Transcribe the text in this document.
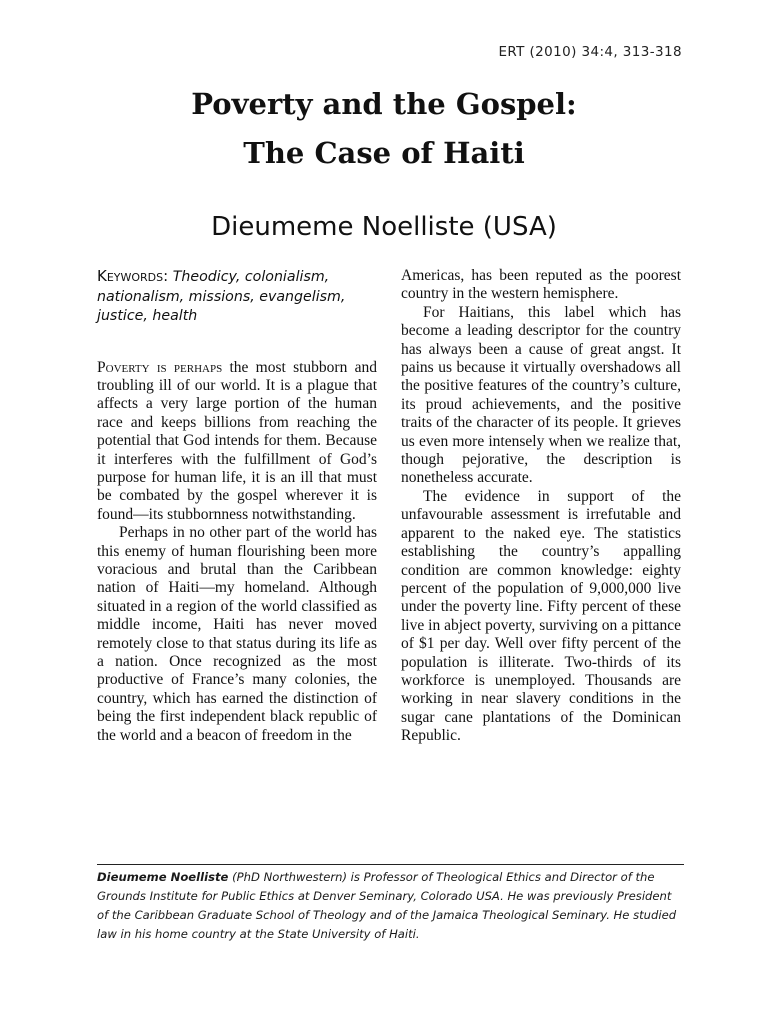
ERT (2010) 34:4, 313-318
Poverty and the Gospel:
The Case of Haiti
Dieumeme Noelliste (USA)

Keywords: Theodicy, colonialism, nationalism, missions, evangelism, justice, health

Poverty is perhaps the most stubborn and troubling ill of our world. It is a plague that affects a very large portion of the human race and keeps billions from reaching the potential that God intends for them. Because it interferes with the fulfillment of God’s purpose for human life, it is an ill that must be combated by the gospel wherever it is found—its stubbornness notwithstanding.

Perhaps in no other part of the world has this enemy of human flourishing been more voracious and brutal than the Caribbean nation of Haiti—my homeland. Although situated in a region of the world classified as middle income, Haiti has never moved remotely close to that status during its life as a nation. Once recognized as the most productive of France’s many colonies, the country, which has earned the distinction of being the first independent black republic of the world and a beacon of freedom in the

Americas, has been reputed as the poorest country in the western hemisphere.

For Haitians, this label which has become a leading descriptor for the country has always been a cause of great angst. It pains us because it virtually overshadows all the positive features of the country’s culture, its proud achievements, and the positive traits of the character of its people. It grieves us even more intensely when we realize that, though pejorative, the description is nonetheless accurate.

The evidence in support of the unfavourable assessment is irrefutable and apparent to the naked eye. The statistics establishing the country’s appalling condition are common knowledge: eighty percent of the population of 9,000,000 live under the poverty line. Fifty percent of these live in abject poverty, surviving on a pittance of $1 per day. Well over fifty percent of the population is illiterate. Two-thirds of its workforce is unemployed. Thousands are working in near slavery conditions in the sugar cane plantations of the Dominican Republic.

Dieumeme Noelliste (PhD Northwestern) is Professor of Theological Ethics and Director of the Grounds Institute for Public Ethics at Denver Seminary, Colorado USA. He was previously President of the Caribbean Graduate School of Theology and of the Jamaica Theological Seminary. He studied law in his home country at the State University of Haiti.
